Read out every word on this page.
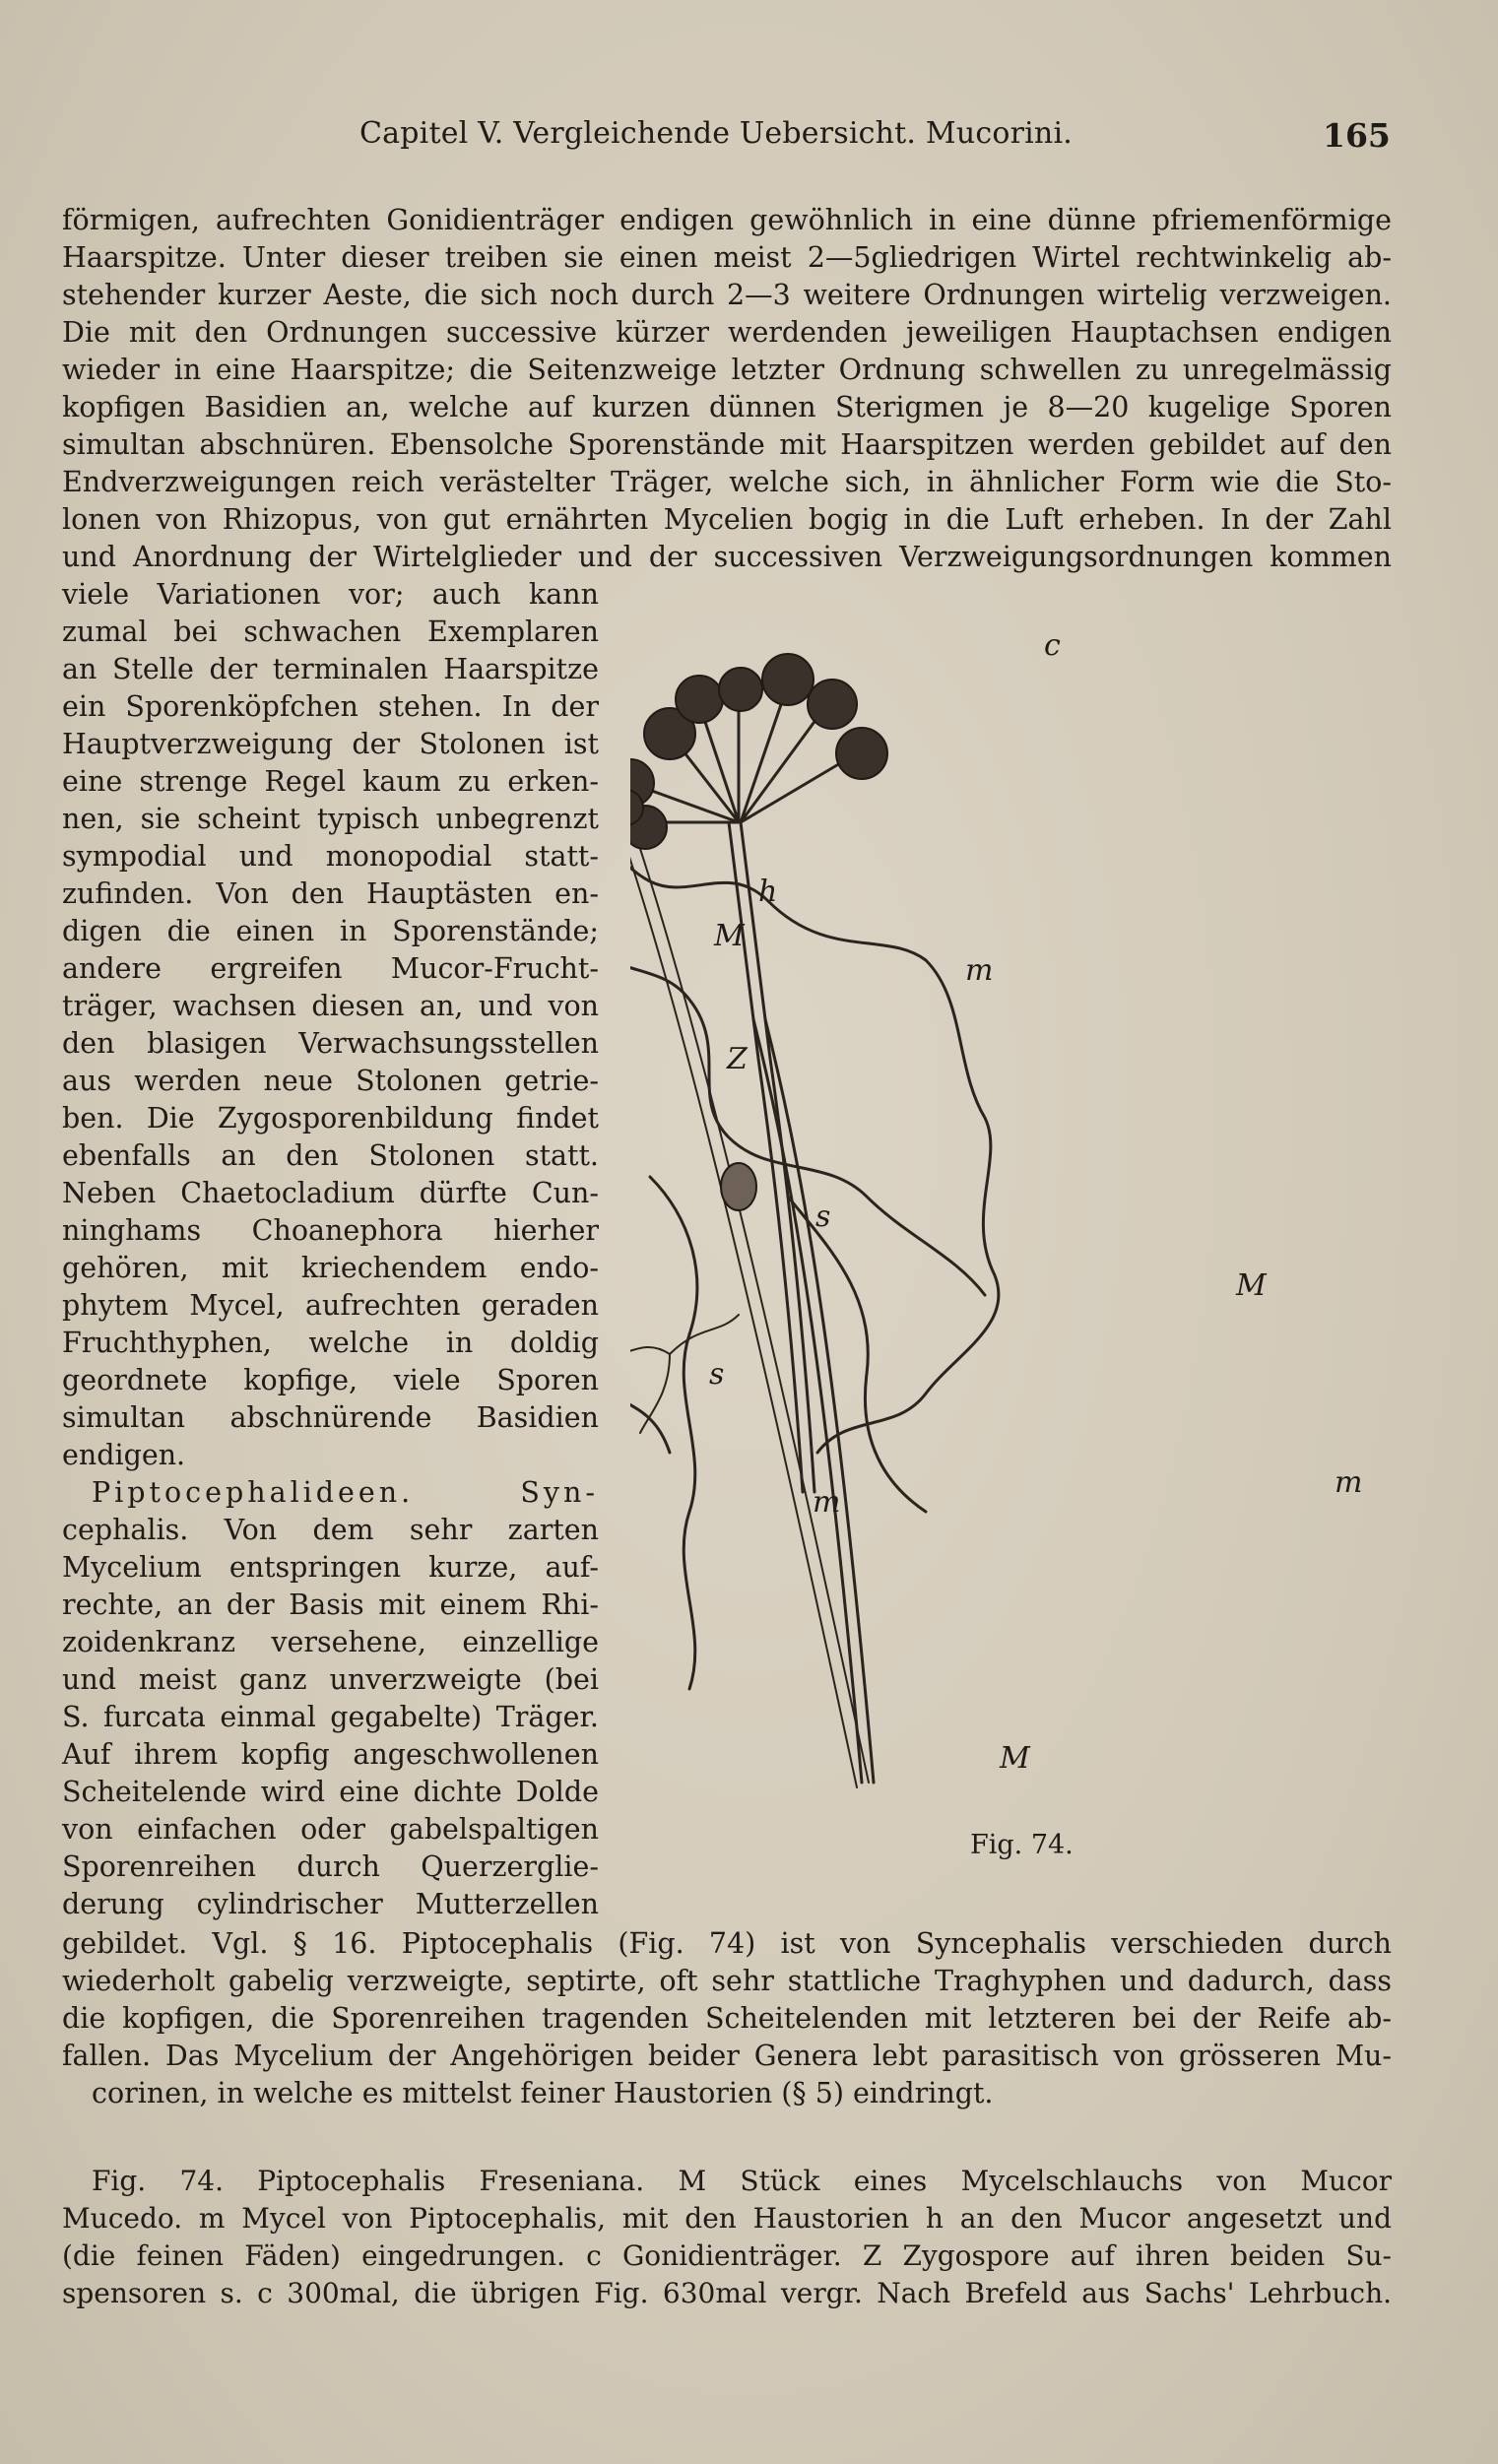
Capitel V. Vergleichende Uebersicht. Mucorini.	165
förmigen, aufrechten Gonidienträger endigen gewöhnlich in eine dünne pfriemenförmige
Haarspitze. Unter dieser treiben sie einen meist 2—5gliedrigen Wirtel rechtwinkelig ab-
stehender kurzer Aeste, die sich noch durch 2—3 weitere Ordnungen wirtelig verzweigen.
Die mit den Ordnungen successive kürzer werdenden jeweiligen Hauptachsen endigen
wieder in eine Haarspitze; die Seitenzweige letzter Ordnung schwellen zu unregelmässig
kopfigen Basidien an, welche auf kurzen dünnen Sterigmen je 8—20 kugelige Sporen
simultan abschnüren. Ebensolche Sporenstände mit Haarspitzen werden gebildet auf den
Endverzweigungen reich verästelter Träger, welche sich, in ähnlicher Form wie die Sto-
lonen von Rhizopus, von gut ernährten Mycelien bogig in die Luft erheben. In der Zahl
und Anordnung der Wirtelglieder und der successiven Verzweigungsordnungen kommen
viele Variationen vor; auch kann
zumal bei schwachen Exemplaren
an Stelle der terminalen Haarspitze
ein Sporenköpfchen stehen. In der
Hauptverzweigung der Stolonen ist
eine strenge Regel kaum zu erken-
nen, sie scheint typisch unbegrenzt
sympodial und monopodial statt-
zufinden. Von den Hauptästen en-
digen die einen in Sporenstände;
andere ergreifen Mucor-Frucht-
träger, wachsen diesen an, und von
den blasigen Verwachsungsstellen
aus werden neue Stolonen getrie-
ben. Die Zygosporenbildung findet
ebenfalls an den Stolonen statt.
Neben Chaetocladium dürfte Cun-
ninghams Choanephora hierher
gehören, mit kriechendem endo-
phytem Mycel, aufrechten geraden
Fruchthyphen, welche in doldig
geordnete kopfige, viele Sporen
simultan abschnürende Basidien
endigen.
Piptocephalideen. Syn-
cephalis. Von dem sehr zarten
Mycelium entspringen kurze, auf-
rechte, an der Basis mit einem Rhi-
zoidenkranz versehene, einzellige
und meist ganz unverzweigte (bei
S. furcata einmal gegabelte) Träger.
Auf ihrem kopfig angeschwollenen
Scheitelende wird eine dichte Dolde
von einfachen oder gabelspaltigen
Sporenreihen durch Querzerglie-
derung cylindrischer Mutterzellen
c
h
M
m
Z
s
s
M
m
m
M
Fig. 74.
gebildet. Vgl. § 16. Piptocephalis (Fig. 74) ist von Syncephalis verschieden durch
wiederholt gabelig verzweigte, septirte, oft sehr stattliche Traghyphen und dadurch, dass
die kopfigen, die Sporenreihen tragenden Scheitelenden mit letzteren bei der Reife ab-
fallen. Das Mycelium der Angehörigen beider Genera lebt parasitisch von grösseren Mu-
corinen, in welche es mittelst feiner Haustorien (§ 5) eindringt.
Fig. 74. Piptocephalis Freseniana. M Stück eines Mycelschlauchs von Mucor
Mucedo. m Mycel von Piptocephalis, mit den Haustorien h an den Mucor angesetzt und
(die feinen Fäden) eingedrungen. c Gonidienträger. Z Zygospore auf ihren beiden Su-
spensoren s. c 300mal, die übrigen Fig. 630mal vergr. Nach Brefeld aus Sachs' Lehrbuch.
